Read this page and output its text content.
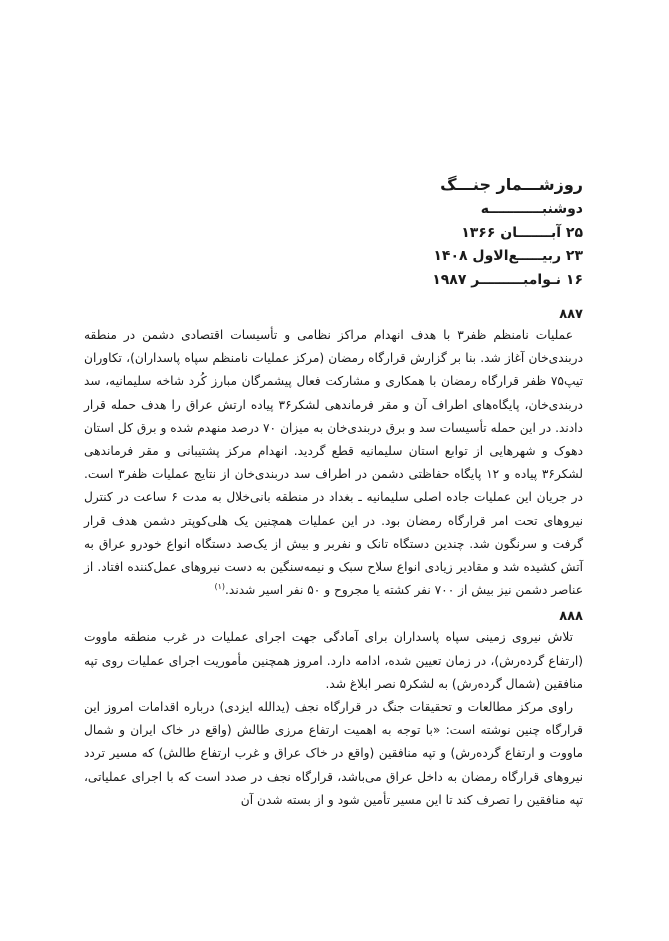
روزشـــمار جنـــگ
دوشنبـــــــــــه
۲۵ آبـــــــان ۱۳۶۶
۲۳ ربیـــــع‌الاول ۱۴۰۸
۱۶ نـوامبـــــــــر ۱۹۸۷
۸۸۷

عملیات نامنظم ظفر۳ با هدف انهدام مراکز نظامی و تأسیسات اقتصادی دشمن در منطقه دربندی‌خان آغاز شد. بنا بر گزارش قرارگاه رمضان (مرکز عملیات نامنظم سپاه پاسداران)، تکاوران تیپ۷۵ ظفر قرارگاه رمضان با همکاری و مشارکت فعال پیشمرگان مبارز کُرد شاخه سلیمانیه، سد دربندی‌خان، پایگاه‌های اطراف آن و مقر فرماندهی لشکر۳۶ پیاده ارتش عراق را هدف حمله قرار دادند. در این حمله تأسیسات سد و برق دربندی‌خان به میزان ۷۰ درصد منهدم شده و برق کل استان دهوک و شهرهایی از توابع استان سلیمانیه قطع گردید. انهدام مرکز پشتیبانی و مقر فرماندهی لشکر۳۶ پیاده و ۱۲ پایگاه حفاظتی دشمن در اطراف سد دربندی‌خان از نتایج عملیات ظفر۳ است. در جریان این عملیات جاده اصلی سلیمانیه ـ بغداد در منطقه بانی‌خلال به مدت ۶ ساعت در کنترل نیروهای تحت امر قرارگاه رمضان بود. در این عملیات همچنین یک هلی‌کوپتر دشمن هدف قرار گرفت و سرنگون شد. چندین دستگاه تانک و نفربر و بیش از یک‌صد دستگاه انواع خودرو عراق به آتش کشیده شد و مقادیر زیادی انواع سلاح سبک و نیمه‌سنگین به دست نیروهای عمل‌کننده افتاد. از عناصر دشمن نیز بیش از ۷۰۰ نفر کشته یا مجروح و ۵۰ نفر اسیر شدند.$^{(۱)}$

۸۸۸

تلاش نیروی زمینی سپاه پاسداران برای آمادگی جهت اجرای عملیات در غرب منطقه ماووت (ارتفاع گرده‌رش)، در زمان تعیین شده، ادامه دارد. امروز همچنین مأموریت اجرای عملیات روی تپه منافقین (شمال گرده‌رش) به لشکر۵ نصر ابلاغ شد.

راوی مرکز مطالعات و تحقیقات جنگ در قرارگاه نجف (یدالله ایزدی) درباره اقدامات امروز این قرارگاه چنین نوشته است: «با توجه به اهمیت ارتفاع مرزی طالش (واقع در خاک ایران و شمال ماووت و ارتفاع گرده‌رش) و تپه منافقین (واقع در خاک عراق و غرب ارتفاع طالش) که مسیر تردد نیروهای قرارگاه رمضان به داخل عراق می‌باشد، قرارگاه نجف در صدد است که با اجرای عملیاتی، تپه منافقین را تصرف کند تا این مسیر تأمین شود و از بسته شدن آن
